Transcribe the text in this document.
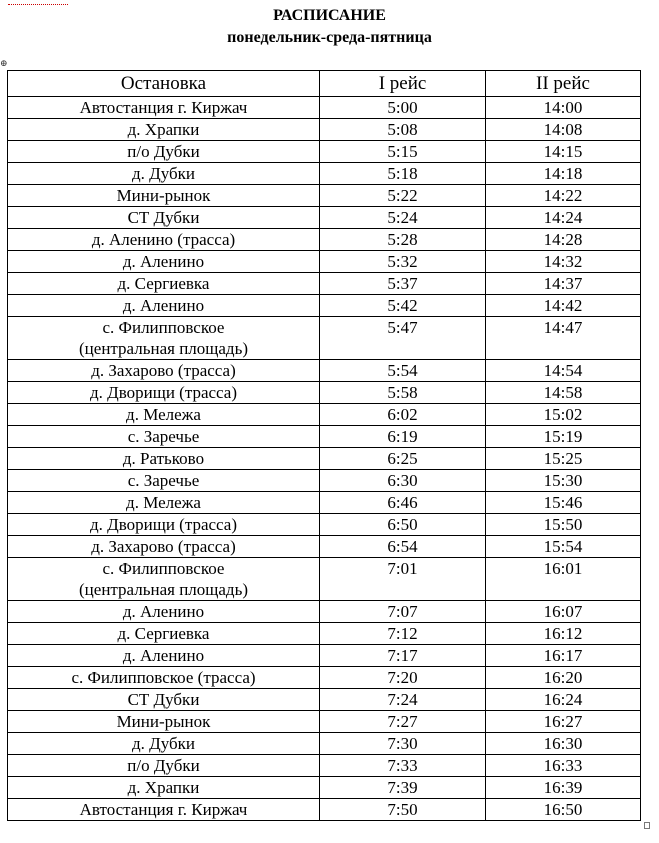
РАСПИСАНИЕ
понедельник-среда-пятница
⊕
Остановка	I рейс	II рейс

Автостанция г. Киржач	5:00	14:00

д. Храпки	5:08	14:08

п/о Дубки	5:15	14:15

д. Дубки	5:18	14:18

Мини-рынок	5:22	14:22

СТ Дубки	5:24	14:24

д. Аленино (трасса)	5:28	14:28

д. Аленино	5:32	14:32

д. Сергиевка	5:37	14:37

д. Аленино	5:42	14:42

с. Филипповское
(центральная площадь)	5:47	14:47

д. Захарово (трасса)	5:54	14:54

д. Дворищи (трасса)	5:58	14:58

д. Мележа	6:02	15:02

с. Заречье	6:19	15:19

д. Ратьково	6:25	15:25

с. Заречье	6:30	15:30

д. Мележа	6:46	15:46

д. Дворищи (трасса)	6:50	15:50

д. Захарово (трасса)	6:54	15:54

с. Филипповское
(центральная площадь)	7:01	16:01

д. Аленино	7:07	16:07

д. Сергиевка	7:12	16:12

д. Аленино	7:17	16:17

с. Филипповское (трасса)	7:20	16:20

СТ Дубки	7:24	16:24

Мини-рынок	7:27	16:27

д. Дубки	7:30	16:30

п/о Дубки	7:33	16:33

д. Храпки	7:39	16:39

Автостанция г. Киржач	7:50	16:50
